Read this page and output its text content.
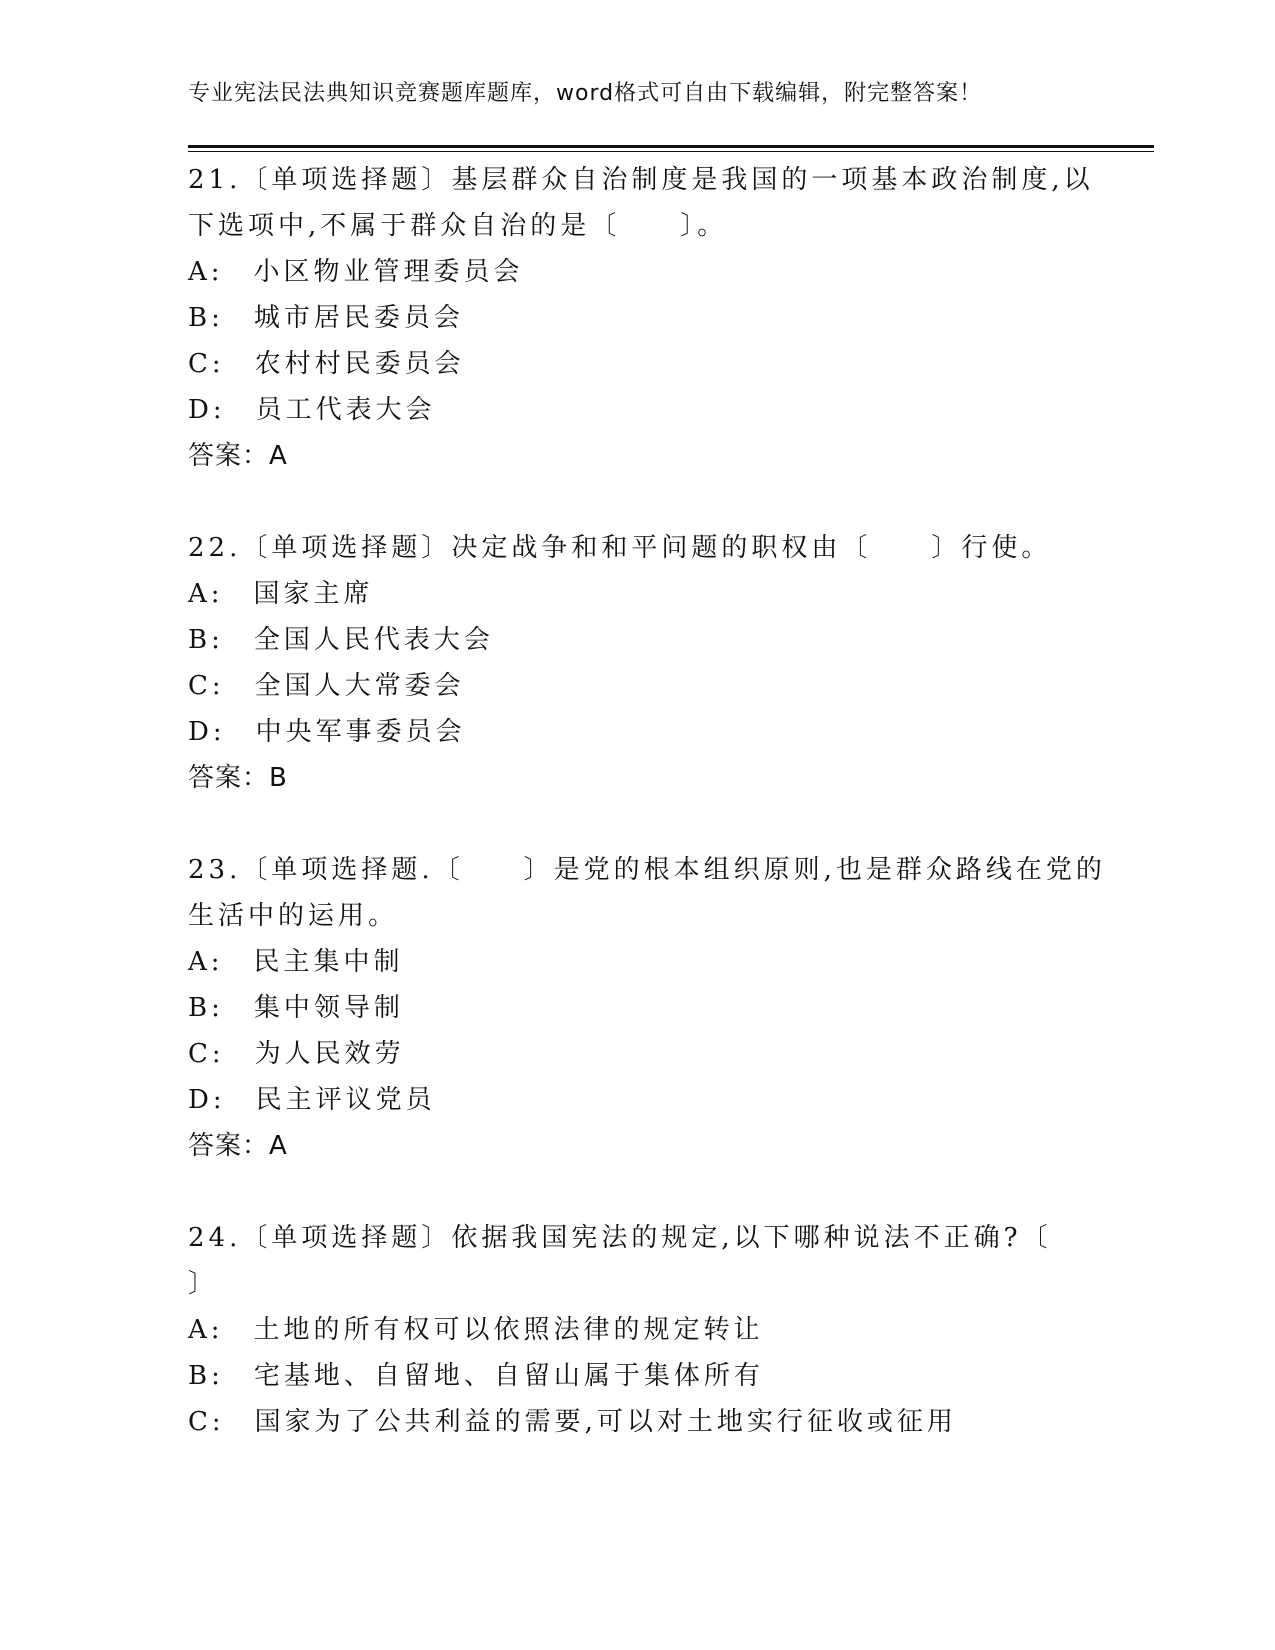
专业宪法民法典知识竞赛题库题库，word格式可自由下载编辑，附完整答案！
21.〔单项选择题〕基层群众自治制度是我国的一项基本政治制度,以
下选项中,不属于群众自治的是〔　　〕。
A:　小区物业管理委员会
B:　城市居民委员会
C:　农村村民委员会
D:　员工代表大会
答案：A
22.〔单项选择题〕决定战争和和平问题的职权由〔　　〕行使。
A:　国家主席
B:　全国人民代表大会
C:　全国人大常委会
D:　中央军事委员会
答案：B
23.〔单项选择题.〔　　〕是党的根本组织原则,也是群众路线在党的
生活中的运用。
A:　民主集中制
B:　集中领导制
C:　为人民效劳
D:　民主评议党员
答案：A
24.〔单项选择题〕依据我国宪法的规定,以下哪种说法不正确?〔
〕
A:　土地的所有权可以依照法律的规定转让
B:　宅基地、自留地、自留山属于集体所有
C:　国家为了公共利益的需要,可以对土地实行征收或征用
